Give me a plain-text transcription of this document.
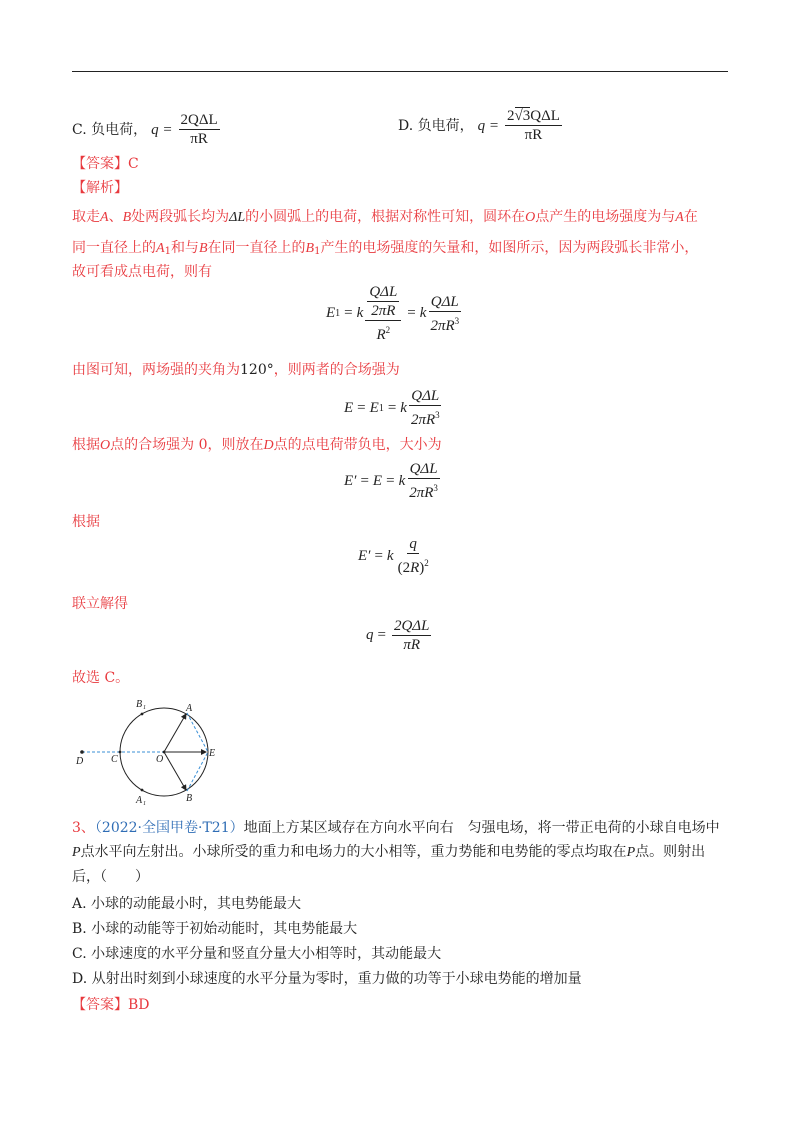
C. 负电荷， $q = \frac{\text{2QΔL}}{\pi R}$	D. 负电荷， $q = \frac{\text{2√3QΔL}}{\pi R}$
【答案】C
【解析】
取走A、B处两段弧长均为ΔL的小圆弧上的电荷，根据对称性可知，圆环在O点产生的电场强度为与A在
同一直径上的$A_1$和与B在同一直径上的$B_1$产生的电场强度的矢量和，如图所示，因为两段弧长非常小，
故可看成点电荷，则有
E 1 = k $\frac{\frac{\text{QΔL}}{2\pi R}}{R^2} = k \frac{\text{QΔL}}{2\pi R^3}$
由图可知，两场强的夹角为120°，则两者的合场强为
E = E 1 = k $\frac{\text{QΔL}}{2\pi R^3}$
根据O点的合场强为 0，则放在D点的点电荷带负电，大小为
E′ = E = k $\frac{\text{QΔL}}{2\pi R^3}$
根据
E′ = k $\frac{q}{(2R)^2}$
联立解得
$q = \frac{\text{2QΔL}}{\pi R}$
故选 C。
A
B 1
E
C	O
D
B
A 1
3、（2022·全国甲卷·T21）地面上方某区域存在方向水平向右　匀强电场，将一带正电荷的小球自电场中
P点水平向左射出。小球所受的重力和电场力的大小相等，重力势能和电势能的零点均取在P点。则射出
后，（　　）
A. 小球的动能最小时，其电势能最大
B. 小球的动能等于初始动能时，其电势能最大
C. 小球速度的水平分量和竖直分量大小相等时，其动能最大
D. 从射出时刻到小球速度的水平分量为零时，重力做的功等于小球电势能的增加量
【答案】BD
